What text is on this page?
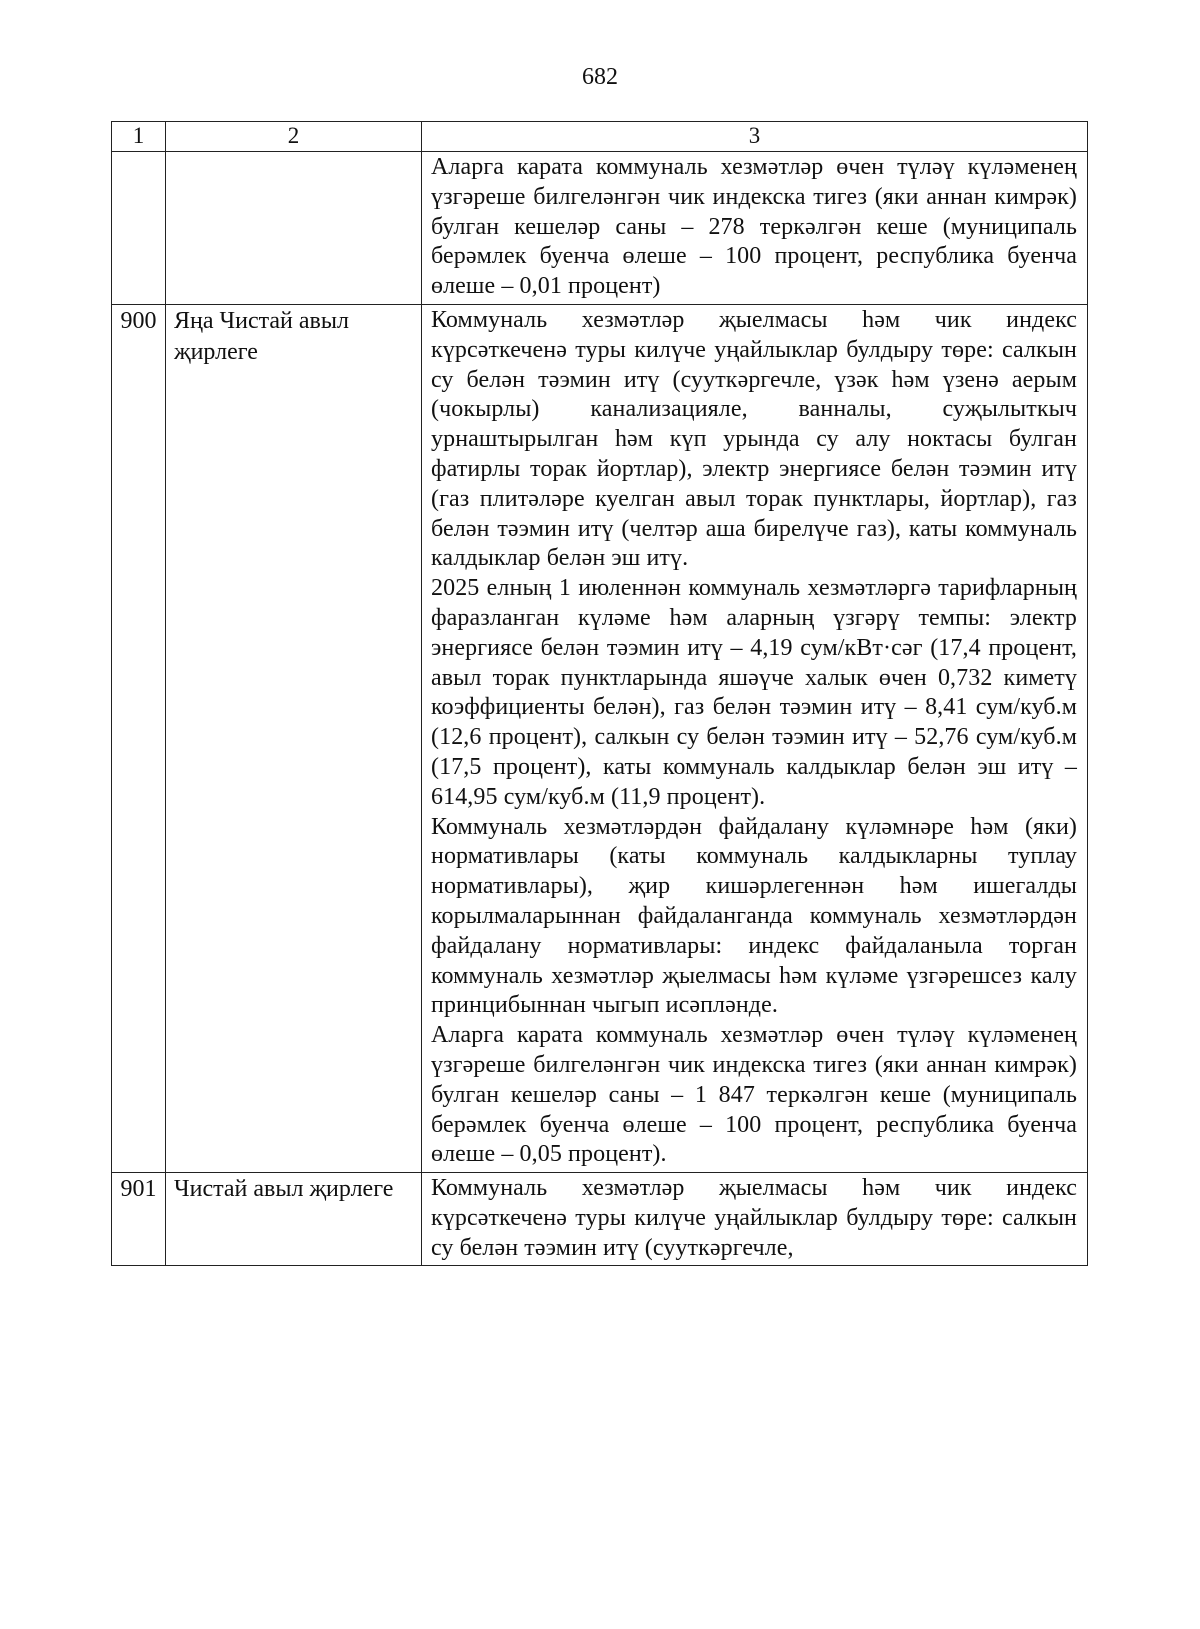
682
1	2	3

		Аларга карата коммуналь хезмәтләр өчен түләү күләменең үзгәреше билгеләнгән чик индекска тигез (яки аннан кимрәк) булган кешеләр саны – 278 теркәлгән кеше (муниципаль берәмлек буенча өлеше – 100 процент, республика буенча өлеше – 0,01 процент)

900	Яңа Чистай авыл җирлеге	Коммуналь хезмәтләр җыелмасы һәм чик индекс күрсәткеченә туры килүче уңайлыклар булдыру төре: салкын су белән тәэмин итү (сууткәргечле, үзәк һәм үзенә аерым (чокырлы) канализацияле, ванналы, суҗылыткыч урнаштырылган һәм күп урында су алу ноктасы булган фатирлы торак йортлар), электр энергиясе белән тәэмин итү (газ плитәләре куелган авыл торак пунктлары, йортлар), газ белән тәэмин итү (челтәр аша бирелүче газ), каты коммуналь калдыклар белән эш итү.

2025 елның 1 июленнән коммуналь хезмәтләргә тарифларның фаразланган күләме һәм аларның үзгәрү темпы: электр энергиясе белән тәэмин итү – 4,19 сум/кВт·сәг (17,4 процент, авыл торак пунктларында яшәүче халык өчен 0,732 киметү коэффициенты белән), газ белән тәэмин итү – 8,41 сум/куб.м (12,6 процент), салкын су белән тәэмин итү – 52,76 сум/куб.м (17,5 процент), каты коммуналь калдыклар белән эш итү – 614,95 сум/куб.м (11,9 процент).

Коммуналь хезмәтләрдән файдалану күләмнәре һәм (яки) нормативлары (каты коммуналь калдыкларны туплау нормативлары), җир кишәрлегеннән һәм ишегалды корылмаларыннан файдаланганда коммуналь хезмәтләрдән файдалану нормативлары: индекс файдаланыла торган коммуналь хезмәтләр җыелмасы һәм күләме үзгәрешсез калу принцибыннан чыгып исәпләнде.

Аларга карата коммуналь хезмәтләр өчен түләү күләменең үзгәреше билгеләнгән чик индекска тигез (яки аннан кимрәк) булган кешеләр саны – 1 847 теркәлгән кеше (муниципаль берәмлек буенча өлеше – 100 процент, республика буенча өлеше – 0,05 процент).

901	Чистай авыл җирлеге	Коммуналь хезмәтләр җыелмасы һәм чик индекс күрсәткеченә туры килүче уңайлыклар булдыру төре: салкын су белән тәэмин итү (сууткәргечле,
